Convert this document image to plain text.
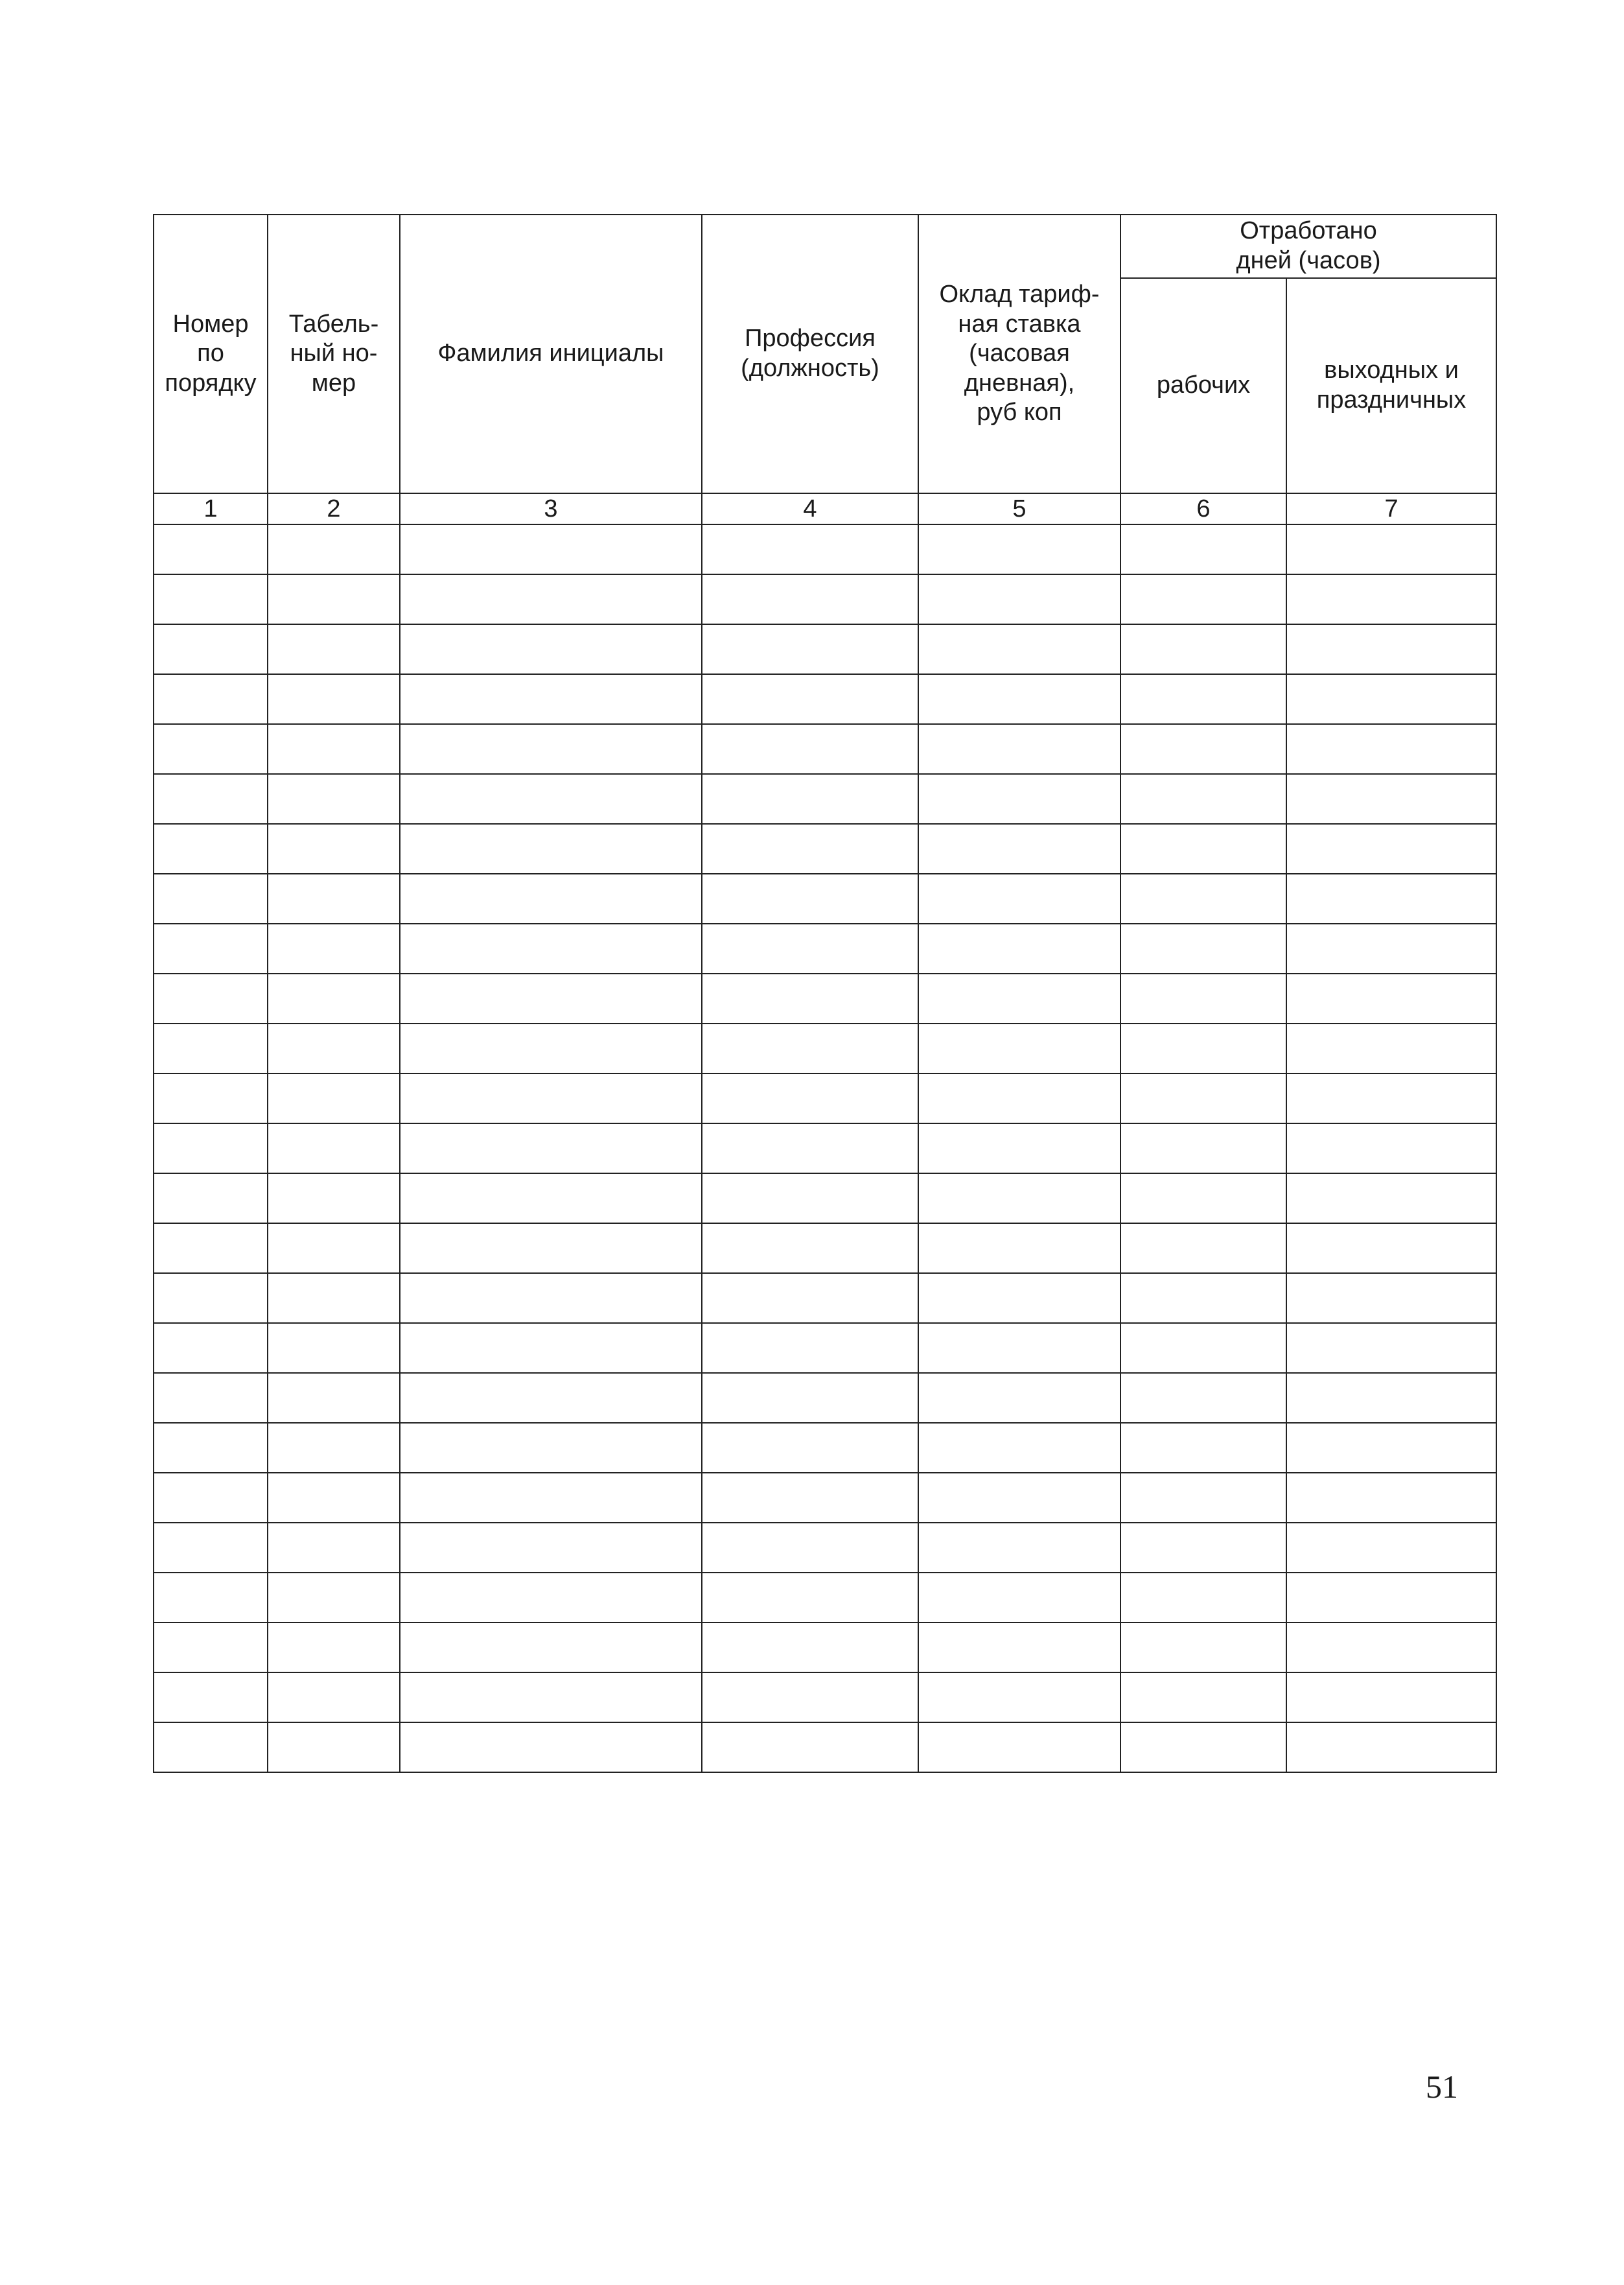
Номер
по
порядку	Табель-
ный но-
мер	Фамилия инициалы	Профессия
(должность)	Оклад тариф-
ная ставка
(часовая
дневная),
руб коп	Отработано
дней (часов)	
					рабочих	выходных и
праздничных
1	2	3	4	5	6	7

51
